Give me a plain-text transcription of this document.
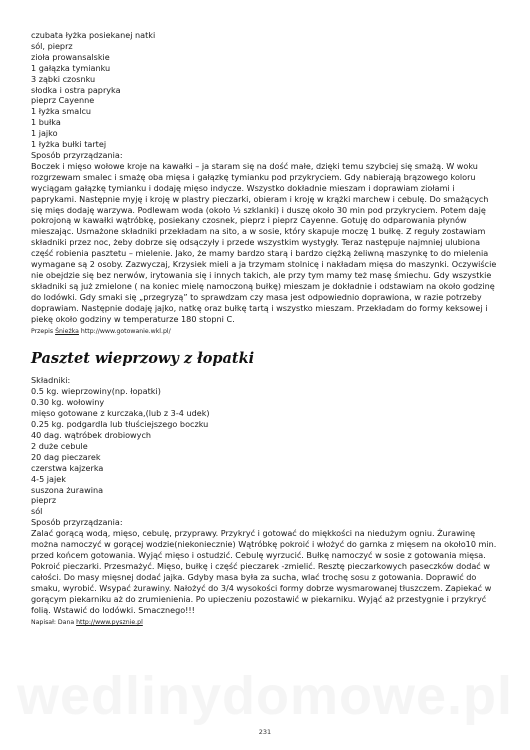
czubata łyżka posiekanej natki
sól, pieprz
zioła prowansalskie
1 gałązka tymianku
3 ząbki czosnku
słodka i ostra papryka
pieprz Cayenne
1 łyżka smalcu
1 bułka
1 jajko
1 łyżka bułki tartej
Sposób przyrządzania:
Boczek i mięso wołowe kroje na kawałki – ja staram się na dość małe, dzięki temu szybciej się smażą. W woku rozgrzewam smalec i smażę oba mięsa i gałązkę tymianku pod przykryciem. Gdy nabierają brązowego koloru wyciągam gałązkę tymianku i dodaję mięso indycze. Wszystko dokładnie mieszam i doprawiam ziołami i paprykami. Następnie myję i kroję w plastry pieczarki, obieram i kroję w krążki marchew i cebulę. Do smażących się mięs dodaję warzywa. Podlewam woda (około ½ szklanki) i duszę około 30 min pod przykryciem. Potem daję pokrojoną w kawałki wątróbkę, posiekany czosnek, pieprz i pieprz Cayenne. Gotuję do odparowania płynów mieszając. Usmażone składniki przekładam na sito, a w sosie, który skapuje moczę 1 bułkę. Z reguły zostawiam składniki przez noc, żeby dobrze się odsączyły i przede wszystkim wystygły. Teraz następuje najmniej ulubiona część robienia pasztetu – mielenie. Jako, że mamy bardzo starą i bardzo ciężką żeliwną maszynkę to do mielenia wymagane są 2 osoby. Zazwyczaj, Krzysiek mieli a ja trzymam stolnicę i nakładam mięsa do maszynki. Oczywiście nie obejdzie się bez nerwów, irytowania się i innych takich, ale przy tym mamy też masę śmiechu. Gdy wszystkie składniki są już zmielone ( na koniec mielę namoczoną bułkę) mieszam je dokładnie i odstawiam na około godzinę do lodówki. Gdy smaki się „przegryzą” to sprawdzam czy masa jest odpowiednio doprawiona, w razie potrzeby doprawiam. Następnie dodaję jajko, natkę oraz bułkę tartą i wszystko mieszam. Przekładam do formy keksowej i piekę około godziny w temperaturze 180 stopni C.
Przepis Śnieżka http://www.gotowanie.wkl.pl/
Pasztet wieprzowy z łopatki
Składniki:
0.5 kg. wieprzowiny(np. łopatki)
0.30 kg. wołowiny
mięso gotowane z kurczaka,(lub z 3-4 udek)
0.25 kg. podgardla lub tłuściejszego boczku
40 dag. wątróbek drobiowych
2 duże cebule
20 dag pieczarek
czerstwa kajzerka
4-5 jajek
suszona żurawina
pieprz
sól
Sposób przyrządzania:
Zalać gorącą wodą, mięso, cebulę, przyprawy. Przykryć i gotować do miękkości na niedużym ogniu. Żurawinę można namoczyć w gorącej wodzie(niekoniecznie) Wątróbkę pokroić i włożyć do garnka z mięsem na około10 min. przed końcem gotowania. Wyjąć mięso i ostudzić. Cebulę wyrzucić. Bułkę namoczyć w sosie z gotowania mięsa. Pokroić pieczarki. Przesmażyć. Mięso, bułkę i część pieczarek -zmielić. Resztę pieczarkowych paseczków dodać w całości. Do masy mięsnej dodać jajka. Gdyby masa była za sucha, wlać trochę sosu z gotowania. Doprawić do smaku, wyrobić. Wsypać żurawiny. Nałożyć do 3/4 wysokości formy dobrze wysmarowanej tłuszczem. Zapiekać w gorącym piekarniku aż do zrumienienia. Po upieczeniu pozostawić w piekarniku. Wyjąć aż przestygnie i przykryć folią. Wstawić do lodówki. Smacznego!!!
Napisał: Dana http://www.pysznie.pl
wedlinydomowe.pl
231
